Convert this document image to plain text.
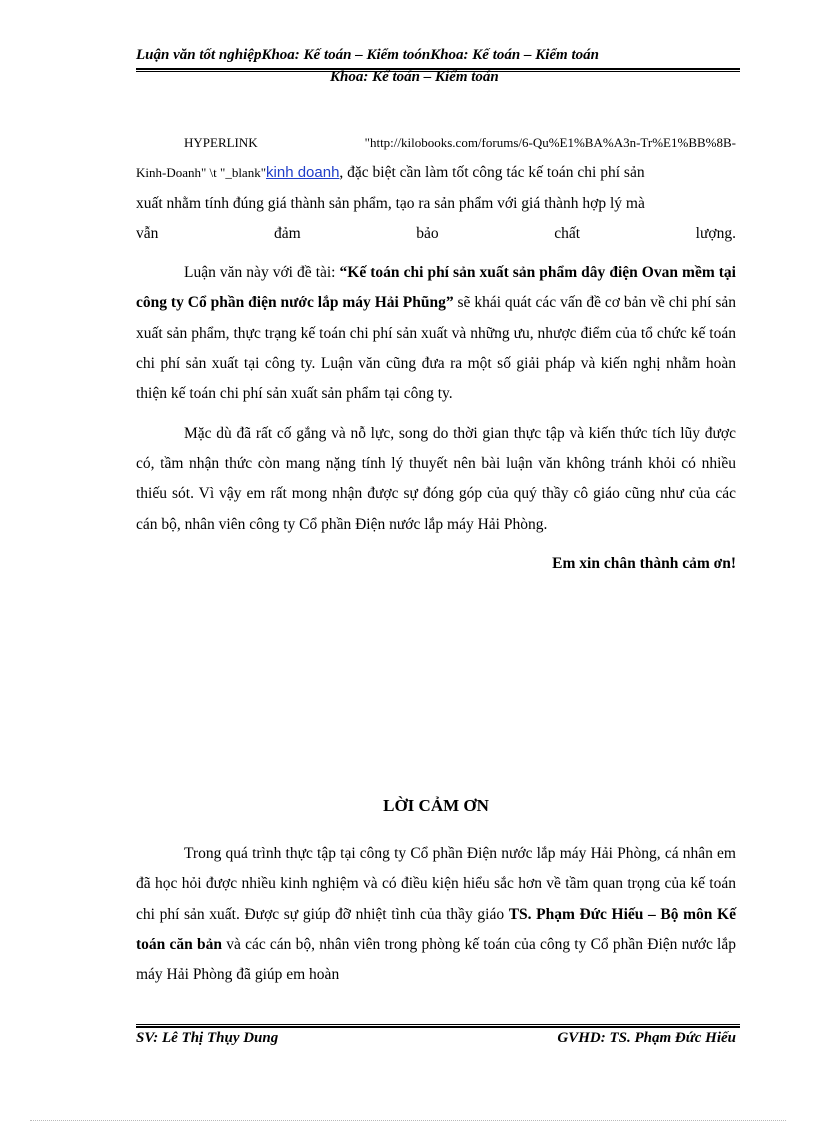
Luận văn tốt nghiệpKhoa: Kế toán – Kiểm toónKhoa: Kế toán – Kiểm toán
Khoa: Kế toán – Kiểm toán
HYPERLINK	"http://kilobooks.com/forums/6-Qu%E1%BA%A3n-Tr%E1%BB%8B-
Kinh-Doanh" \t "_blank"kinh doanh, đặc biệt cần làm tốt công tác kế toán chi phí sản
xuất nhằm tính đúng giá thành sản phẩm, tạo ra sản phẩm với giá thành hợp lý mà
vẫn	đảm	bảo	chất	lượng.

Luận văn này với đề tài: “Kế toán chi phí sản xuất sản phẩm dây điện Ovan mềm tại công ty Cổ phần điện nước lắp máy Hải Phũng” sẽ khái quát các vấn đề cơ bản về chi phí sản xuất sản phẩm, thực trạng kế toán chi phí sản xuất và những ưu, nhược điểm của tổ chức kế toán chi phí sản xuất tại công ty. Luận văn cũng đưa ra một số giải pháp và kiến nghị nhằm hoàn thiện kế toán chi phí sản xuất sản phẩm tại công ty.

Mặc dù đã rất cố gắng và nỗ lực, song do thời gian thực tập và kiến thức tích lũy được có, tầm nhận thức còn mang nặng tính lý thuyết nên bài luận văn không tránh khỏi có nhiều thiếu sót. Vì vậy em rất mong nhận được sự đóng góp của quý thầy cô giáo cũng như của các cán bộ, nhân viên công ty Cổ phần Điện nước lắp máy Hải Phòng.

Em xin chân thành cảm ơn!
LỜI CẢM ƠN

Trong quá trình thực tập tại công ty Cổ phần Điện nước lắp máy Hải Phòng, cá nhân em đã học hỏi được nhiều kinh nghiệm và có điều kiện hiểu sắc hơn về tầm quan trọng của kế toán chi phí sản xuất. Được sự giúp đỡ nhiệt tình của thầy giáo TS. Phạm Đức Hiếu – Bộ môn Kế toán căn bản và các cán bộ, nhân viên trong phòng kế toán của công ty Cổ phần Điện nước lắp máy Hải Phòng đã giúp em hoàn

SV: Lê Thị Thụy Dung	GVHD: TS. Phạm Đức Hiếu
